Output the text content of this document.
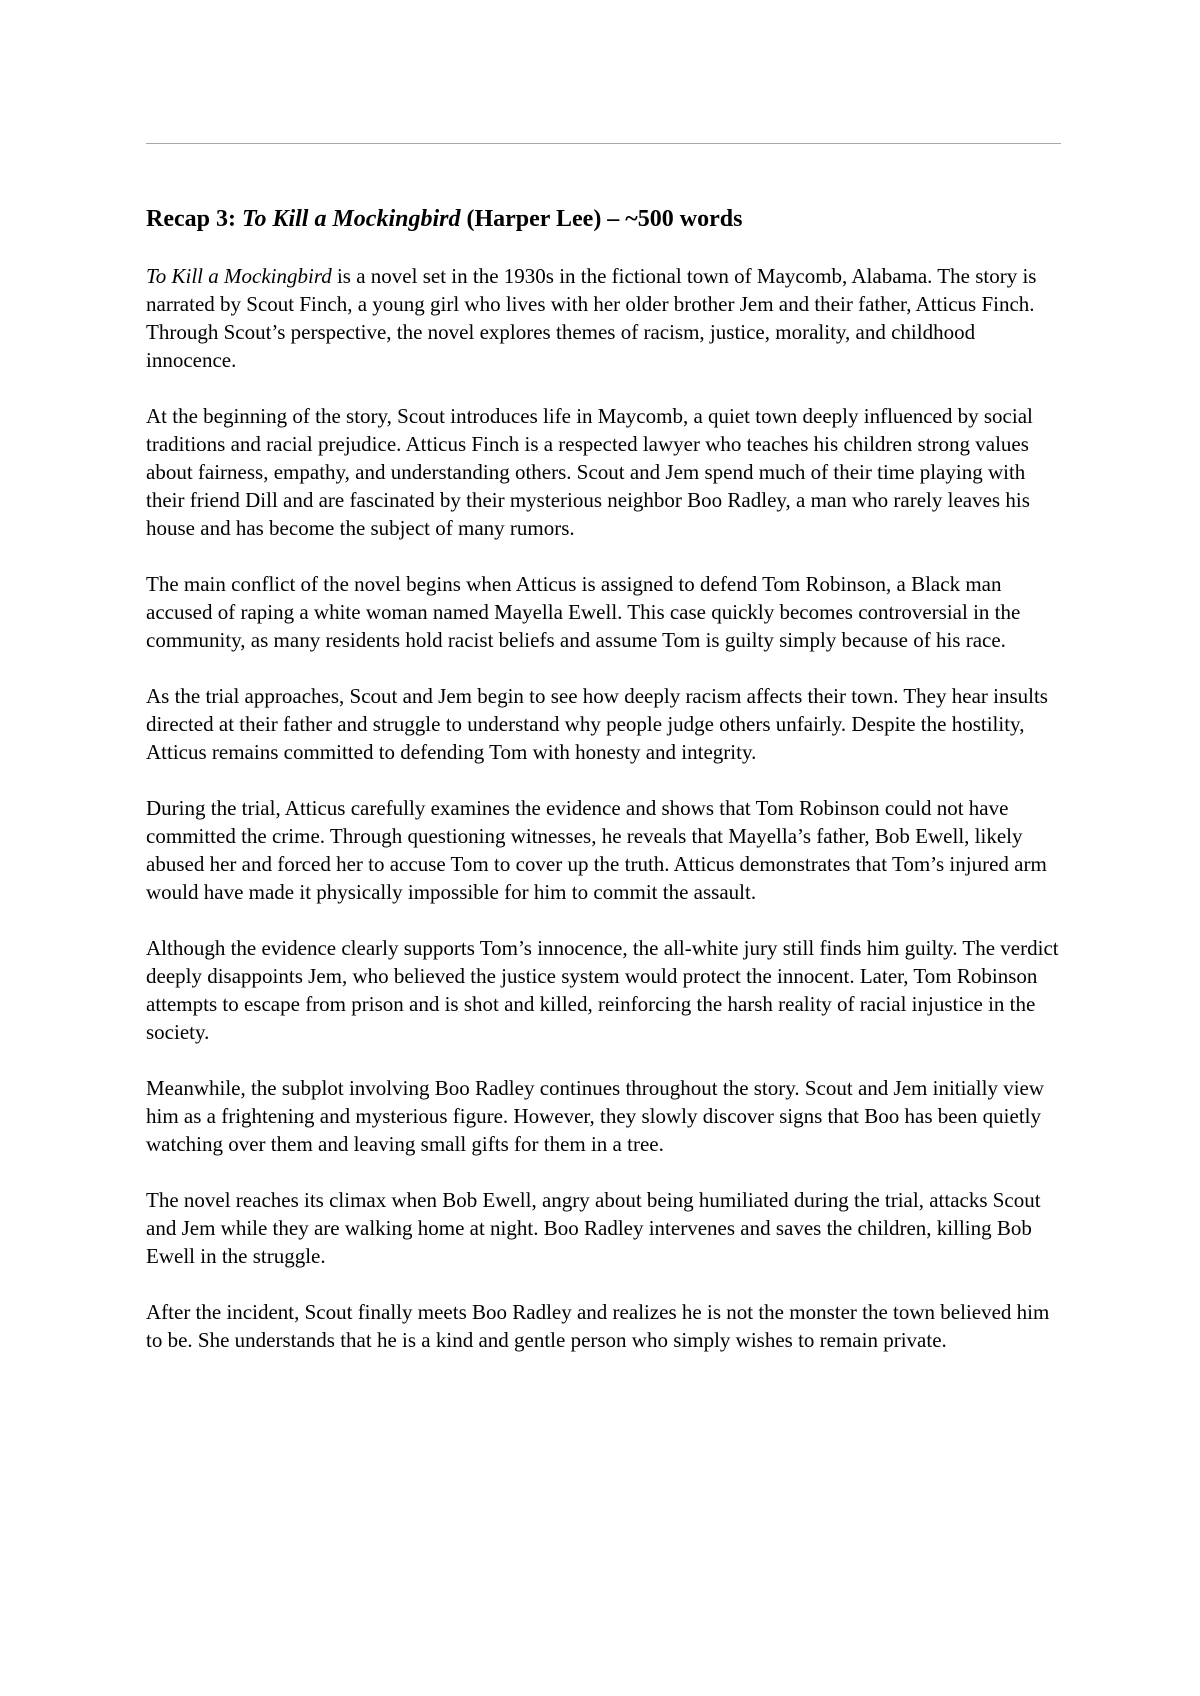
Recap 3: To Kill a Mockingbird (Harper Lee) – ~500 words

To Kill a Mockingbird is a novel set in the 1930s in the fictional town of Maycomb, Alabama. The story is narrated by Scout Finch, a young girl who lives with her older brother Jem and their father, Atticus Finch. Through Scout’s perspective, the novel explores themes of racism, justice, morality, and childhood innocence.

At the beginning of the story, Scout introduces life in Maycomb, a quiet town deeply influenced by social traditions and racial prejudice. Atticus Finch is a respected lawyer who teaches his children strong values about fairness, empathy, and understanding others. Scout and Jem spend much of their time playing with their friend Dill and are fascinated by their mysterious neighbor Boo Radley, a man who rarely leaves his house and has become the subject of many rumors.

The main conflict of the novel begins when Atticus is assigned to defend Tom Robinson, a Black man accused of raping a white woman named Mayella Ewell. This case quickly becomes controversial in the community, as many residents hold racist beliefs and assume Tom is guilty simply because of his race.

As the trial approaches, Scout and Jem begin to see how deeply racism affects their town. They hear insults directed at their father and struggle to understand why people judge others unfairly. Despite the hostility, Atticus remains committed to defending Tom with honesty and integrity.

During the trial, Atticus carefully examines the evidence and shows that Tom Robinson could not have committed the crime. Through questioning witnesses, he reveals that Mayella’s father, Bob Ewell, likely abused her and forced her to accuse Tom to cover up the truth. Atticus demonstrates that Tom’s injured arm would have made it physically impossible for him to commit the assault.

Although the evidence clearly supports Tom’s innocence, the all-white jury still finds him guilty. The verdict deeply disappoints Jem, who believed the justice system would protect the innocent. Later, Tom Robinson attempts to escape from prison and is shot and killed, reinforcing the harsh reality of racial injustice in the society.

Meanwhile, the subplot involving Boo Radley continues throughout the story. Scout and Jem initially view him as a frightening and mysterious figure. However, they slowly discover signs that Boo has been quietly watching over them and leaving small gifts for them in a tree.

The novel reaches its climax when Bob Ewell, angry about being humiliated during the trial, attacks Scout and Jem while they are walking home at night. Boo Radley intervenes and saves the children, killing Bob Ewell in the struggle.

After the incident, Scout finally meets Boo Radley and realizes he is not the monster the town believed him to be. She understands that he is a kind and gentle person who simply wishes to remain private.
